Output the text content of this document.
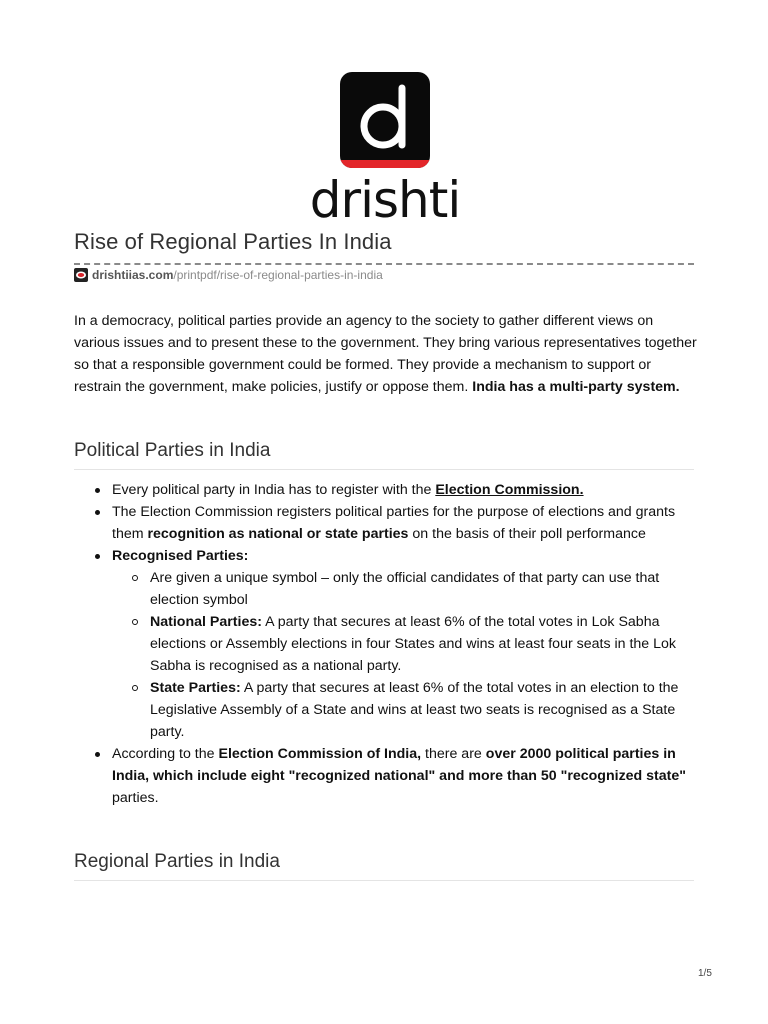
drishti
Rise of Regional Parties In India
drishtiias.com /printpdf/rise-of-regional-parties-in-india

In a democracy, political parties provide an agency to the society to gather different views on various issues and to present these to the government. They bring various representatives together so that a responsible government could be formed. They provide a mechanism to support or restrain the government, make policies, justify or oppose them. India has a multi-party system.

Political Parties in India
Every political party in India has to register with the Election Commission.
The Election Commission registers political parties for the purpose of elections and grants them recognition as national or state parties on the basis of their poll performance
Recognised Parties:
Are given a unique symbol – only the official candidates of that party can use that election symbol
National Parties: A party that secures at least 6% of the total votes in Lok Sabha elections or Assembly elections in four States and wins at least four seats in the Lok Sabha is recognised as a national party.
State Parties: A party that secures at least 6% of the total votes in an election to the Legislative Assembly of a State and wins at least two seats is recognised as a State party.
According to the Election Commission of India, there are over 2000 political parties in India, which include eight "recognized national" and more than 50 "recognized state" parties.
Regional Parties in India
1/5
